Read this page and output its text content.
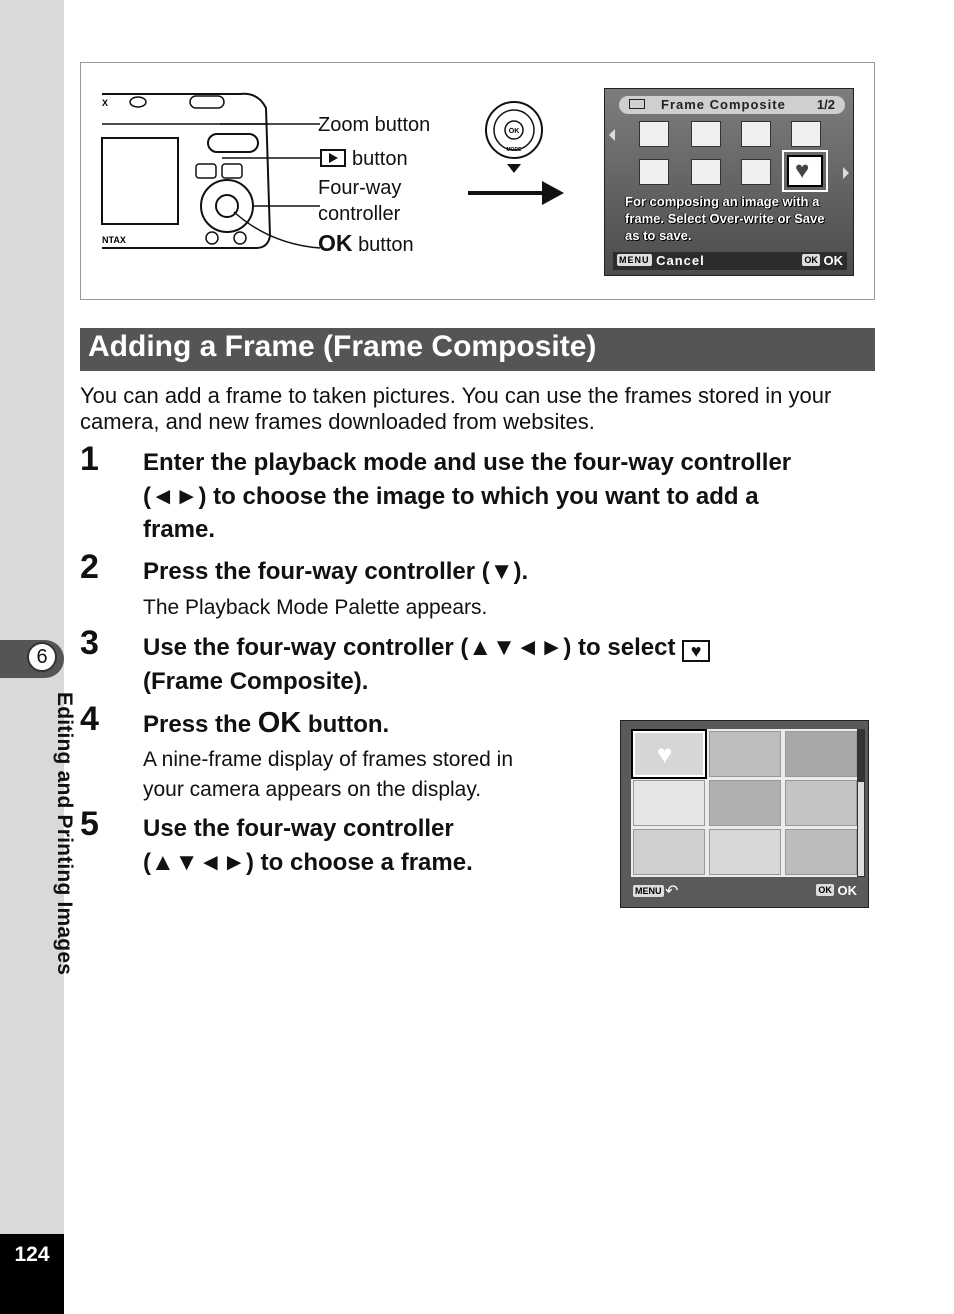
6
Editing and Printing Images
124
X
NTAX
Zoom button
button
Four-way
controller
OK button
OK
MODE
Frame Composite 1/2
♥
For composing an image with a frame. Select Over-write or Save as to save.
MENU Cancel	OK OK
Adding a Frame (Frame Composite)
You can add a frame to taken pictures. You can use the frames stored in your camera, and new frames downloaded from websites.
1 Enter the playback mode and use the four-way controller
(◄►) to choose the image to which you want to add a
frame.
2 Press the four-way controller (▼).
The Playback Mode Palette appears.
3 Use the four-way controller (▲▼◄►) to select ♥
(Frame Composite).
4 Press the OK button.
A nine-frame display of frames stored in
your camera appears on the display.
5 Use the four-way controller
(▲▼◄►) to choose a frame.
♥
MENU ↶	OK OK
